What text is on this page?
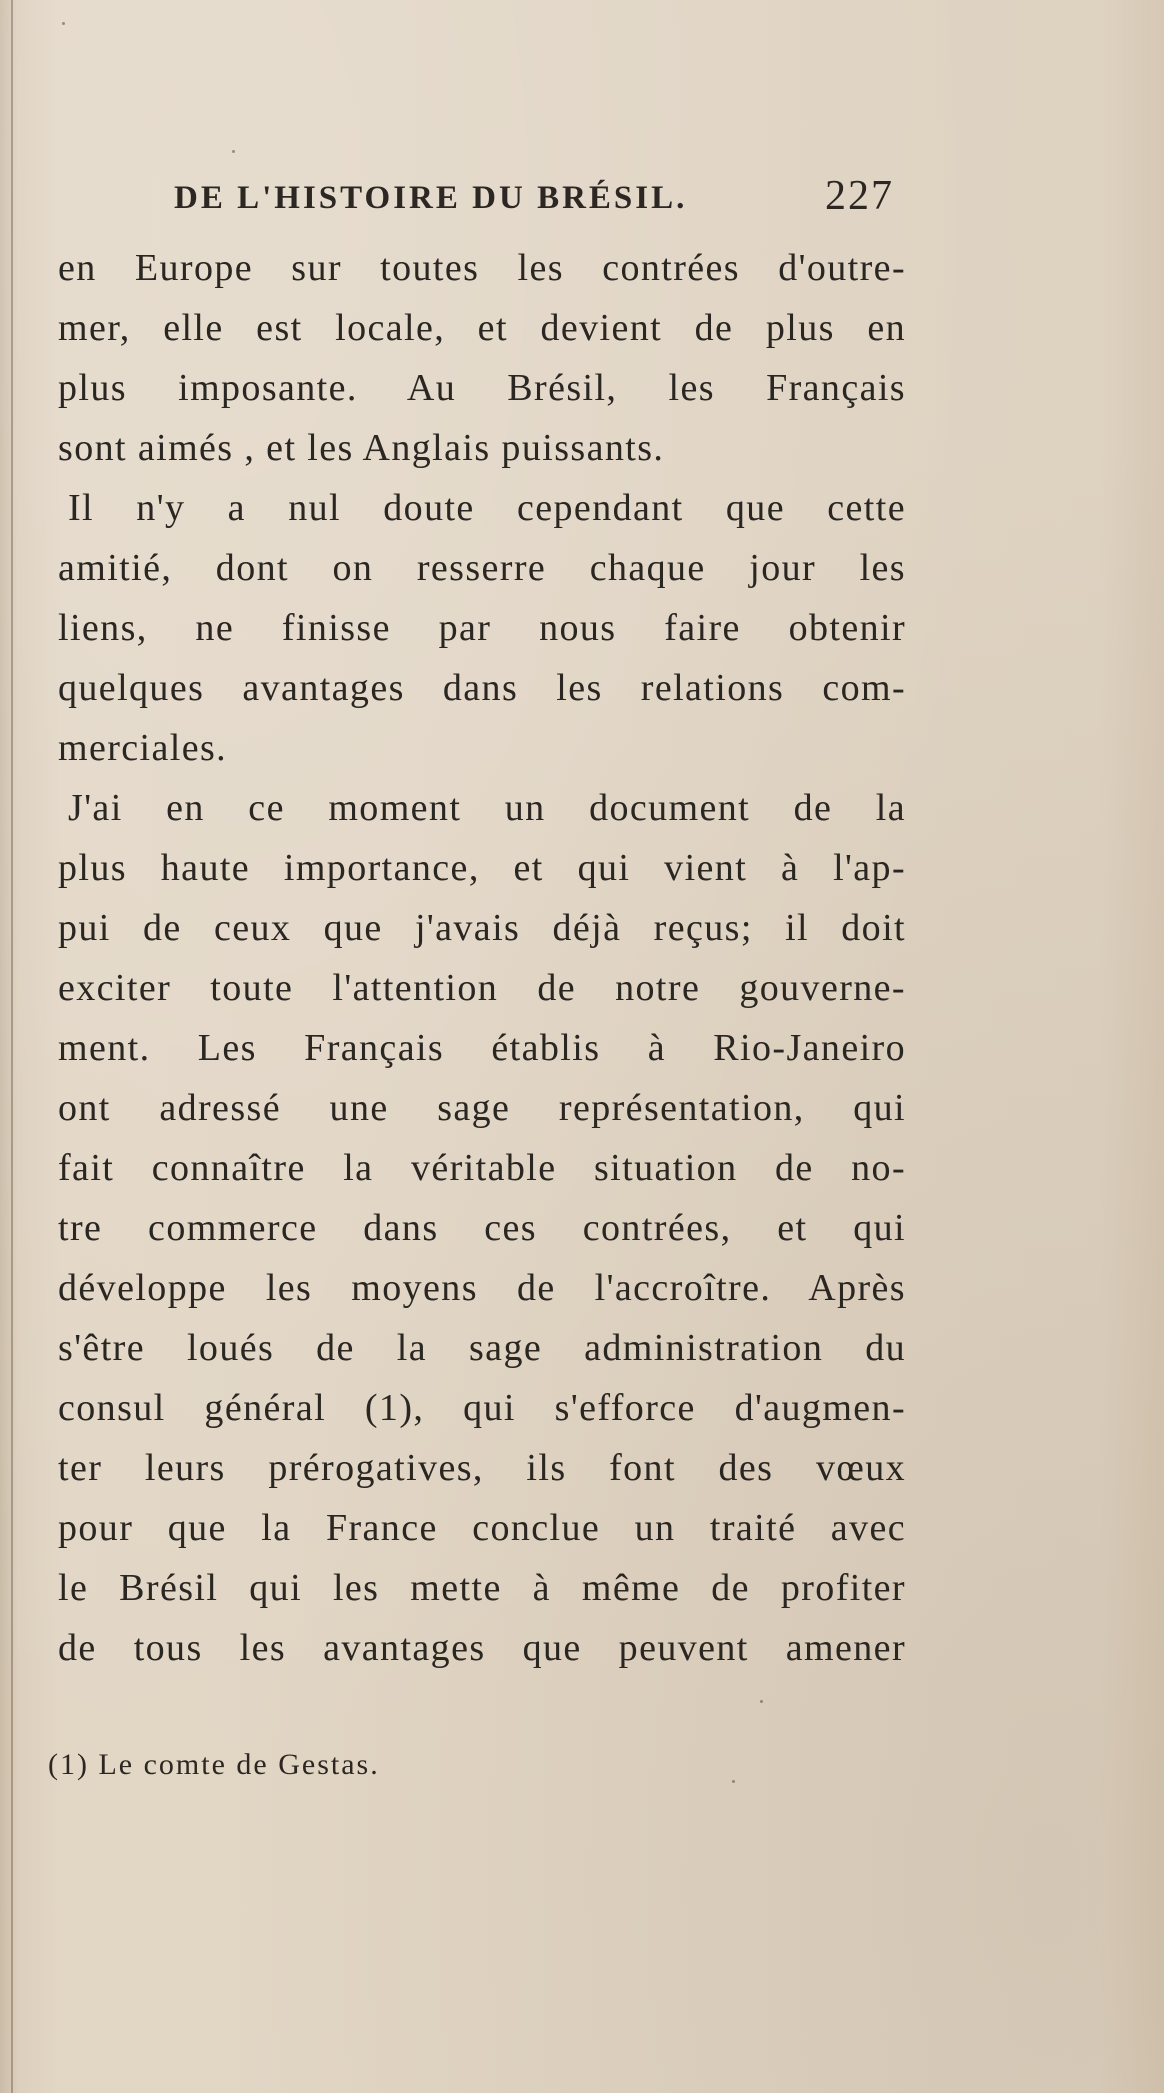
DE L'HISTOIRE DU BRÉSIL.	227
en Europe sur toutes les contrées d'outre-
mer, elle est locale, et devient de plus en
plus imposante. Au Brésil, les Français
sont aimés , et les Anglais puissants.
Il n'y a nul doute cependant que cette
amitié, dont on resserre chaque jour les
liens, ne finisse par nous faire obtenir
quelques avantages dans les relations com-
merciales.
J'ai en ce moment un document de la
plus haute importance, et qui vient à l'ap-
pui de ceux que j'avais déjà reçus; il doit
exciter toute l'attention de notre gouverne-
ment. Les Français établis à Rio-Janeiro
ont adressé une sage représentation, qui
fait connaître la véritable situation de no-
tre commerce dans ces contrées, et qui
développe les moyens de l'accroître. Après
s'être loués de la sage administration du
consul général (1), qui s'efforce d'augmen-
ter leurs prérogatives, ils font des vœux
pour que la France conclue un traité avec
le Brésil qui les mette à même de profiter
de tous les avantages que peuvent amener
(1) Le comte de Gestas.
